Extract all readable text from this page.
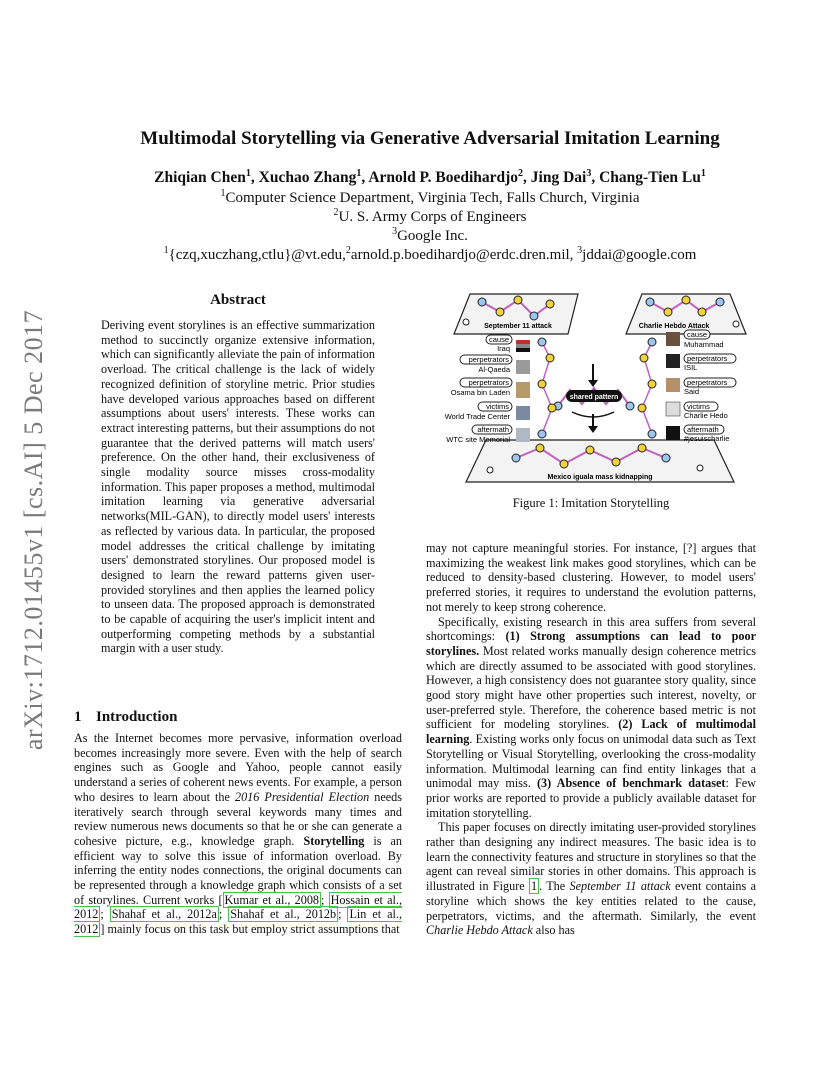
arXiv:1712.01455v1 [cs.AI] 5 Dec 2017
Multimodal Storytelling via Generative Adversarial Imitation Learning
Zhiqian Chen$^1$, Xuchao Zhang$^1$, Arnold P. Boedihardjo$^2$, Jing Dai$^3$, Chang-Tien Lu$^1$
$^1$Computer Science Department, Virginia Tech, Falls Church, Virginia
$^2$U. S. Army Corps of Engineers
$^3$Google Inc.
$^1${czq,xuczhang,ctlu}@vt.edu,$^2$arnold.p.boedihardjo@erdc.dren.mil, $^3$jddai@google.com
Abstract

Deriving event storylines is an effective summarization method to succinctly organize extensive information, which can significantly alleviate the pain of information overload. The critical challenge is the lack of widely recognized definition of storyline metric. Prior studies have developed various approaches based on different assumptions about users' interests. These works can extract interesting patterns, but their assumptions do not guarantee that the derived patterns will match users' preference. On the other hand, their exclusiveness of single modality source misses cross-modality information. This paper proposes a method, multimodal imitation learning via generative adversarial networks(MIL-GAN), to directly model users' interests as reflected by various data. In particular, the proposed model addresses the critical challenge by imitating users' demonstrated storylines. Our proposed model is designed to learn the reward patterns given user-provided storylines and then applies the learned policy to unseen data. The proposed approach is demonstrated to be capable of acquiring the user's implicit intent and outperforming competing methods by a substantial margin with a user study.

1 Introduction

As the Internet becomes more pervasive, information overload becomes increasingly more severe. Even with the help of search engines such as Google and Yahoo, people cannot easily understand a series of coherent news events. For example, a person who desires to learn about the 2016 Presidential Election needs iteratively search through several keywords many times and review numerous news documents so that he or she can generate a cohesive picture, e.g., knowledge graph. Storytelling is an efficient way to solve this issue of information overload. By inferring the entity nodes connections, the original documents can be represented through a knowledge graph which consists of a set of storylines. Current works [ Kumar et al., 2008 ; Hossain et al., 2012 ; Shahaf et al., 2012a ; Shahaf et al., 2012b ; Lin et al., 2012 ] mainly focus on this task but employ strict assumptions that

September 11 attack	Charlie Hebdo Attack
Mexico iguala mass kidnapping
shared pattern
cause
Iraq
perpetrators
Al-Qaeda
perpetrators
Osama bin Laden
victims
World Trade Center
aftermath
WTC site Memorial
cause
Muhammad
perpetrators
ISIL
perpetrators
Said
victims
Charlie Hedo
aftermath
#jesuischarlie
Figure 1: Imitation Storytelling

may not capture meaningful stories. For instance, [?] argues that maximizing the weakest link makes good storylines, which can be reduced to density-based clustering. However, to model users' preferred stories, it requires to understand the evolution patterns, not merely to keep strong coherence.

Specifically, existing research in this area suffers from several shortcomings: (1) Strong assumptions can lead to poor storylines. Most related works manually design coherence metrics which are directly assumed to be associated with good storylines. However, a high consistency does not guarantee story quality, since good story might have other properties such interest, novelty, or user-preferred style. Therefore, the coherence based metric is not sufficient for modeling storylines. (2) Lack of multimodal learning. Existing works only focus on unimodal data such as Text Storytelling or Visual Storytelling, overlooking the cross-modality information. Multimodal learning can find entity linkages that a unimodal may miss. (3) Absence of benchmark dataset: Few prior works are reported to provide a publicly available dataset for imitation storytelling.

This paper focuses on directly imitating user-provided storylines rather than designing any indirect measures. The basic idea is to learn the connectivity features and structure in storylines so that the agent can reveal similar stories in other domains. This approach is illustrated in Figure 1 . The September 11 attack event contains a storyline which shows the key entities related to the cause, perpetrators, victims, and the aftermath. Similarly, the event Charlie Hebdo Attack also has
